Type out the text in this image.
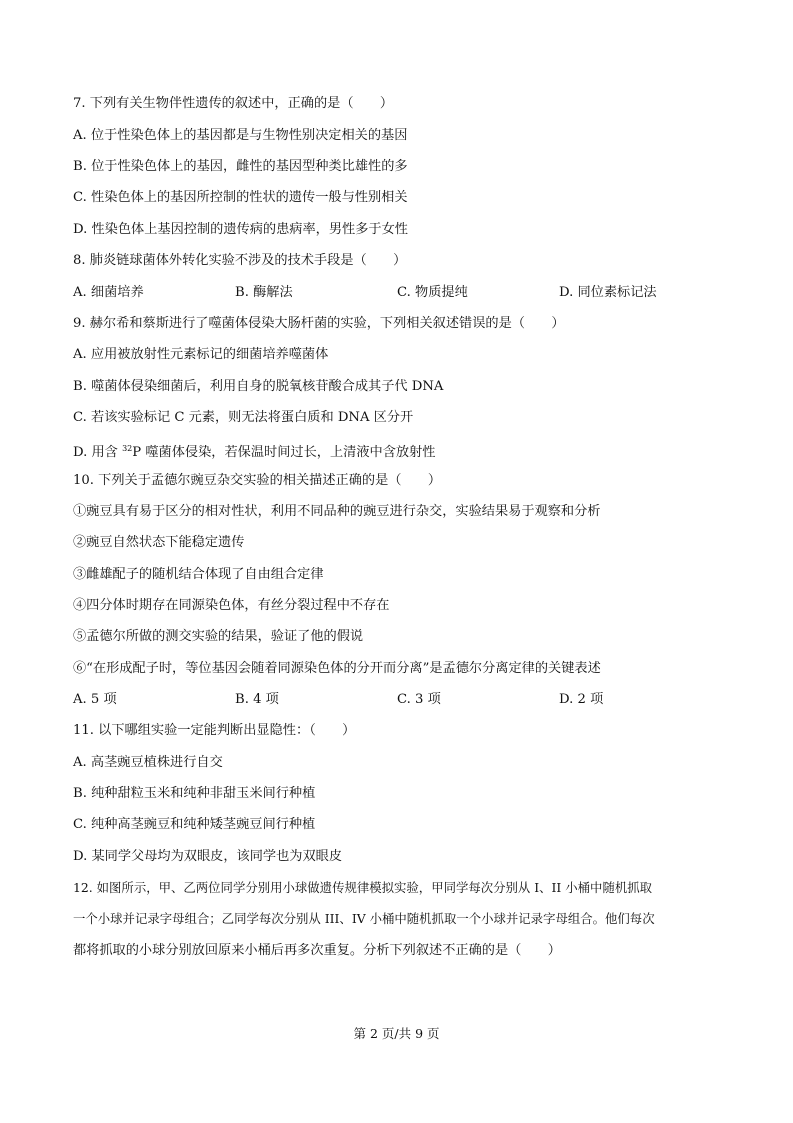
7. 下列有关生物伴性遗传的叙述中，正确的是（　　）
A. 位于性染色体上的基因都是与生物性别决定相关的基因
B. 位于性染色体上的基因，雌性的基因型种类比雄性的多
C. 性染色体上的基因所控制的性状的遗传一般与性别相关
D. 性染色体上基因控制的遗传病的患病率，男性多于女性
8. 肺炎链球菌体外转化实验不涉及的技术手段是（　　）
A. 细菌培养	B. 酶解法	C. 物质提纯	D. 同位素标记法
9. 赫尔希和蔡斯进行了噬菌体侵染大肠杆菌的实验，下列相关叙述错误的是（　　）
A. 应用被放射性元素标记的细菌培养噬菌体
B. 噬菌体侵染细菌后，利用自身的脱氧核苷酸合成其子代 DNA
C. 若该实验标记 C 元素，则无法将蛋白质和 DNA 区分开
D. 用含 $^{32}$P 噬菌体侵染，若保温时间过长，上清液中含放射性
10. 下列关于孟德尔豌豆杂交实验的相关描述正确的是（　　）
①豌豆具有易于区分的相对性状，利用不同品种的豌豆进行杂交，实验结果易于观察和分析
②豌豆自然状态下能稳定遗传
③雌雄配子的随机结合体现了自由组合定律
④四分体时期存在同源染色体，有丝分裂过程中不存在
⑤孟德尔所做的测交实验的结果，验证了他的假说
⑥“在形成配子时，等位基因会随着同源染色体的分开而分离”是孟德尔分离定律的关键表述
A. 5 项	B. 4 项	C. 3 项	D. 2 项
11. 以下哪组实验一定能判断出显隐性：（　　）
A. 高茎豌豆植株进行自交
B. 纯种甜粒玉米和纯种非甜玉米间行种植
C. 纯种高茎豌豆和纯种矮茎豌豆间行种植
D. 某同学父母均为双眼皮，该同学也为双眼皮
12. 如图所示，甲、乙两位同学分别用小球做遗传规律模拟实验，甲同学每次分别从 I、II 小桶中随机抓取
一个小球并记录字母组合；乙同学每次分别从 III、IV 小桶中随机抓取一个小球并记录字母组合。他们每次
都将抓取的小球分别放回原来小桶后再多次重复。分析下列叙述不正确的是（　　）
第 2 页/共 9 页
